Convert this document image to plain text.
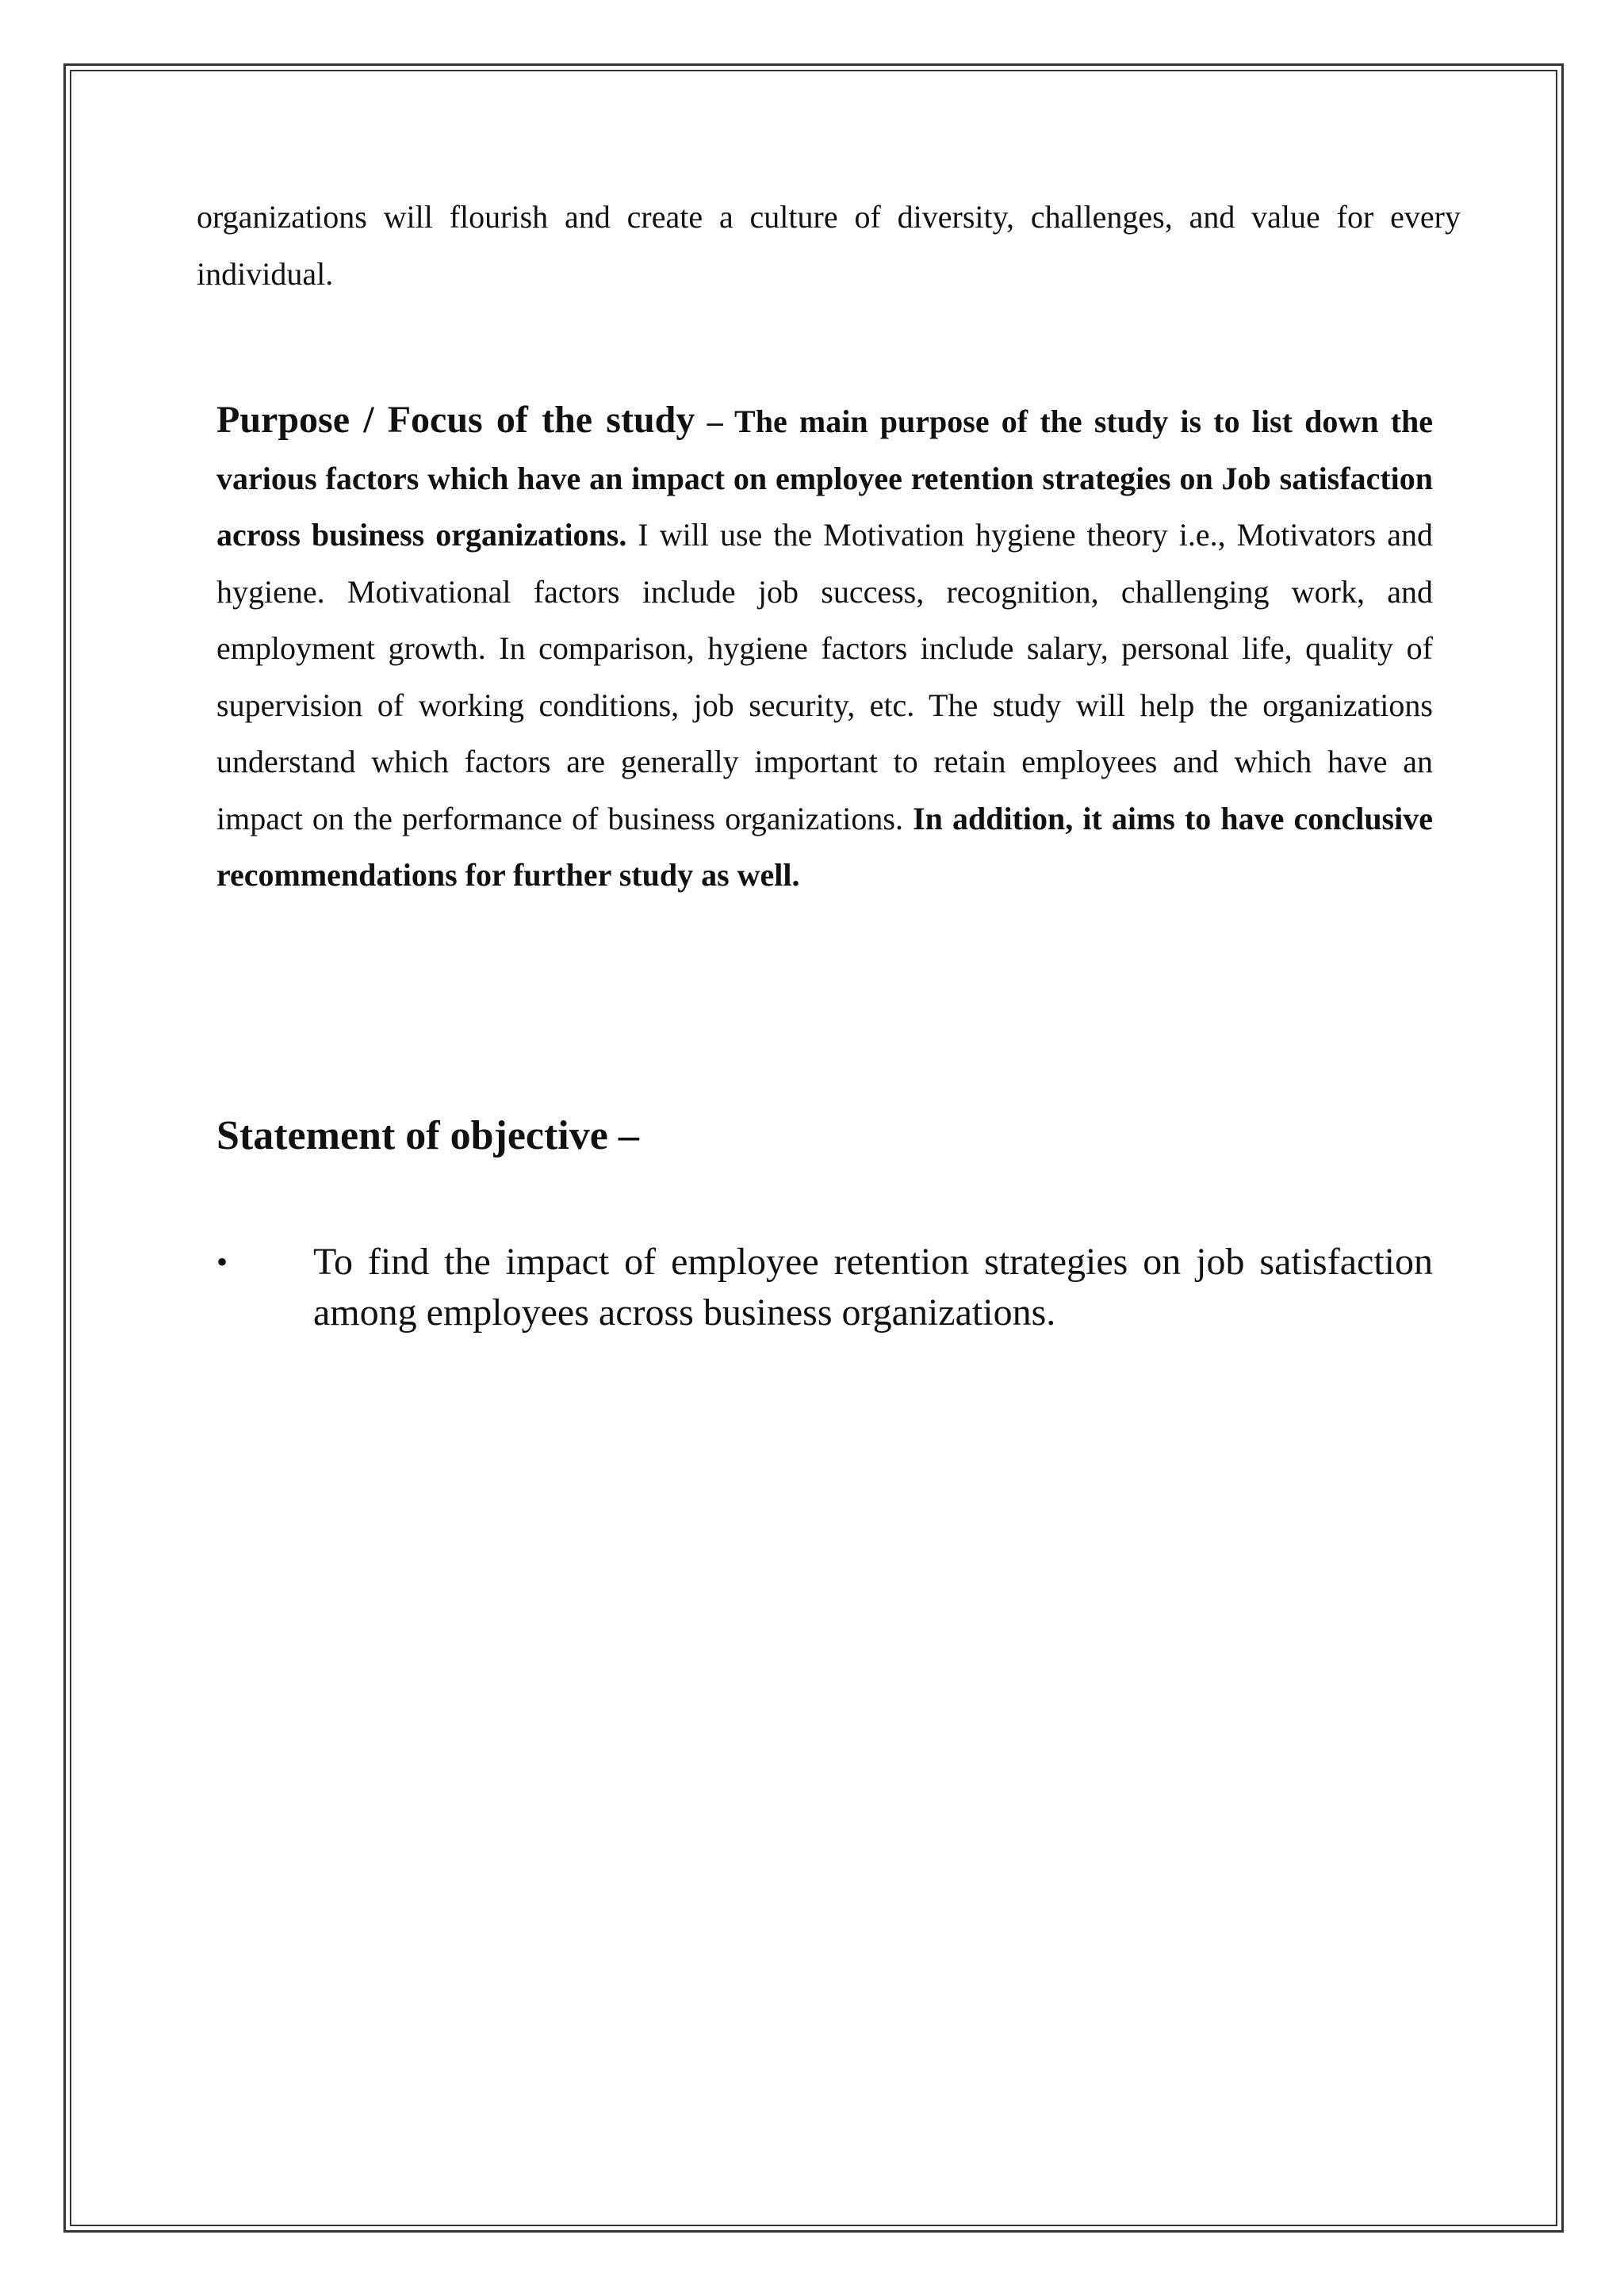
organizations will flourish and create a culture of diversity, challenges, and value for every
individual.
Purpose / Focus of the study – The main purpose of the study is to list down the various factors which have an impact on employee retention strategies on Job satisfaction across business organizations. I will use the Motivation hygiene theory i.e., Motivators and hygiene. Motivational factors include job success, recognition, challenging work, and employment growth. In comparison, hygiene factors include salary, personal life, quality of supervision of working conditions, job security, etc. The study will help the organizations understand which factors are generally important to retain employees and which have an impact on the performance of business organizations. In addition, it aims to have conclusive recommendations for further study as well.
Statement of objective –
• To find the impact of employee retention strategies on job satisfaction among employees across business organizations.
